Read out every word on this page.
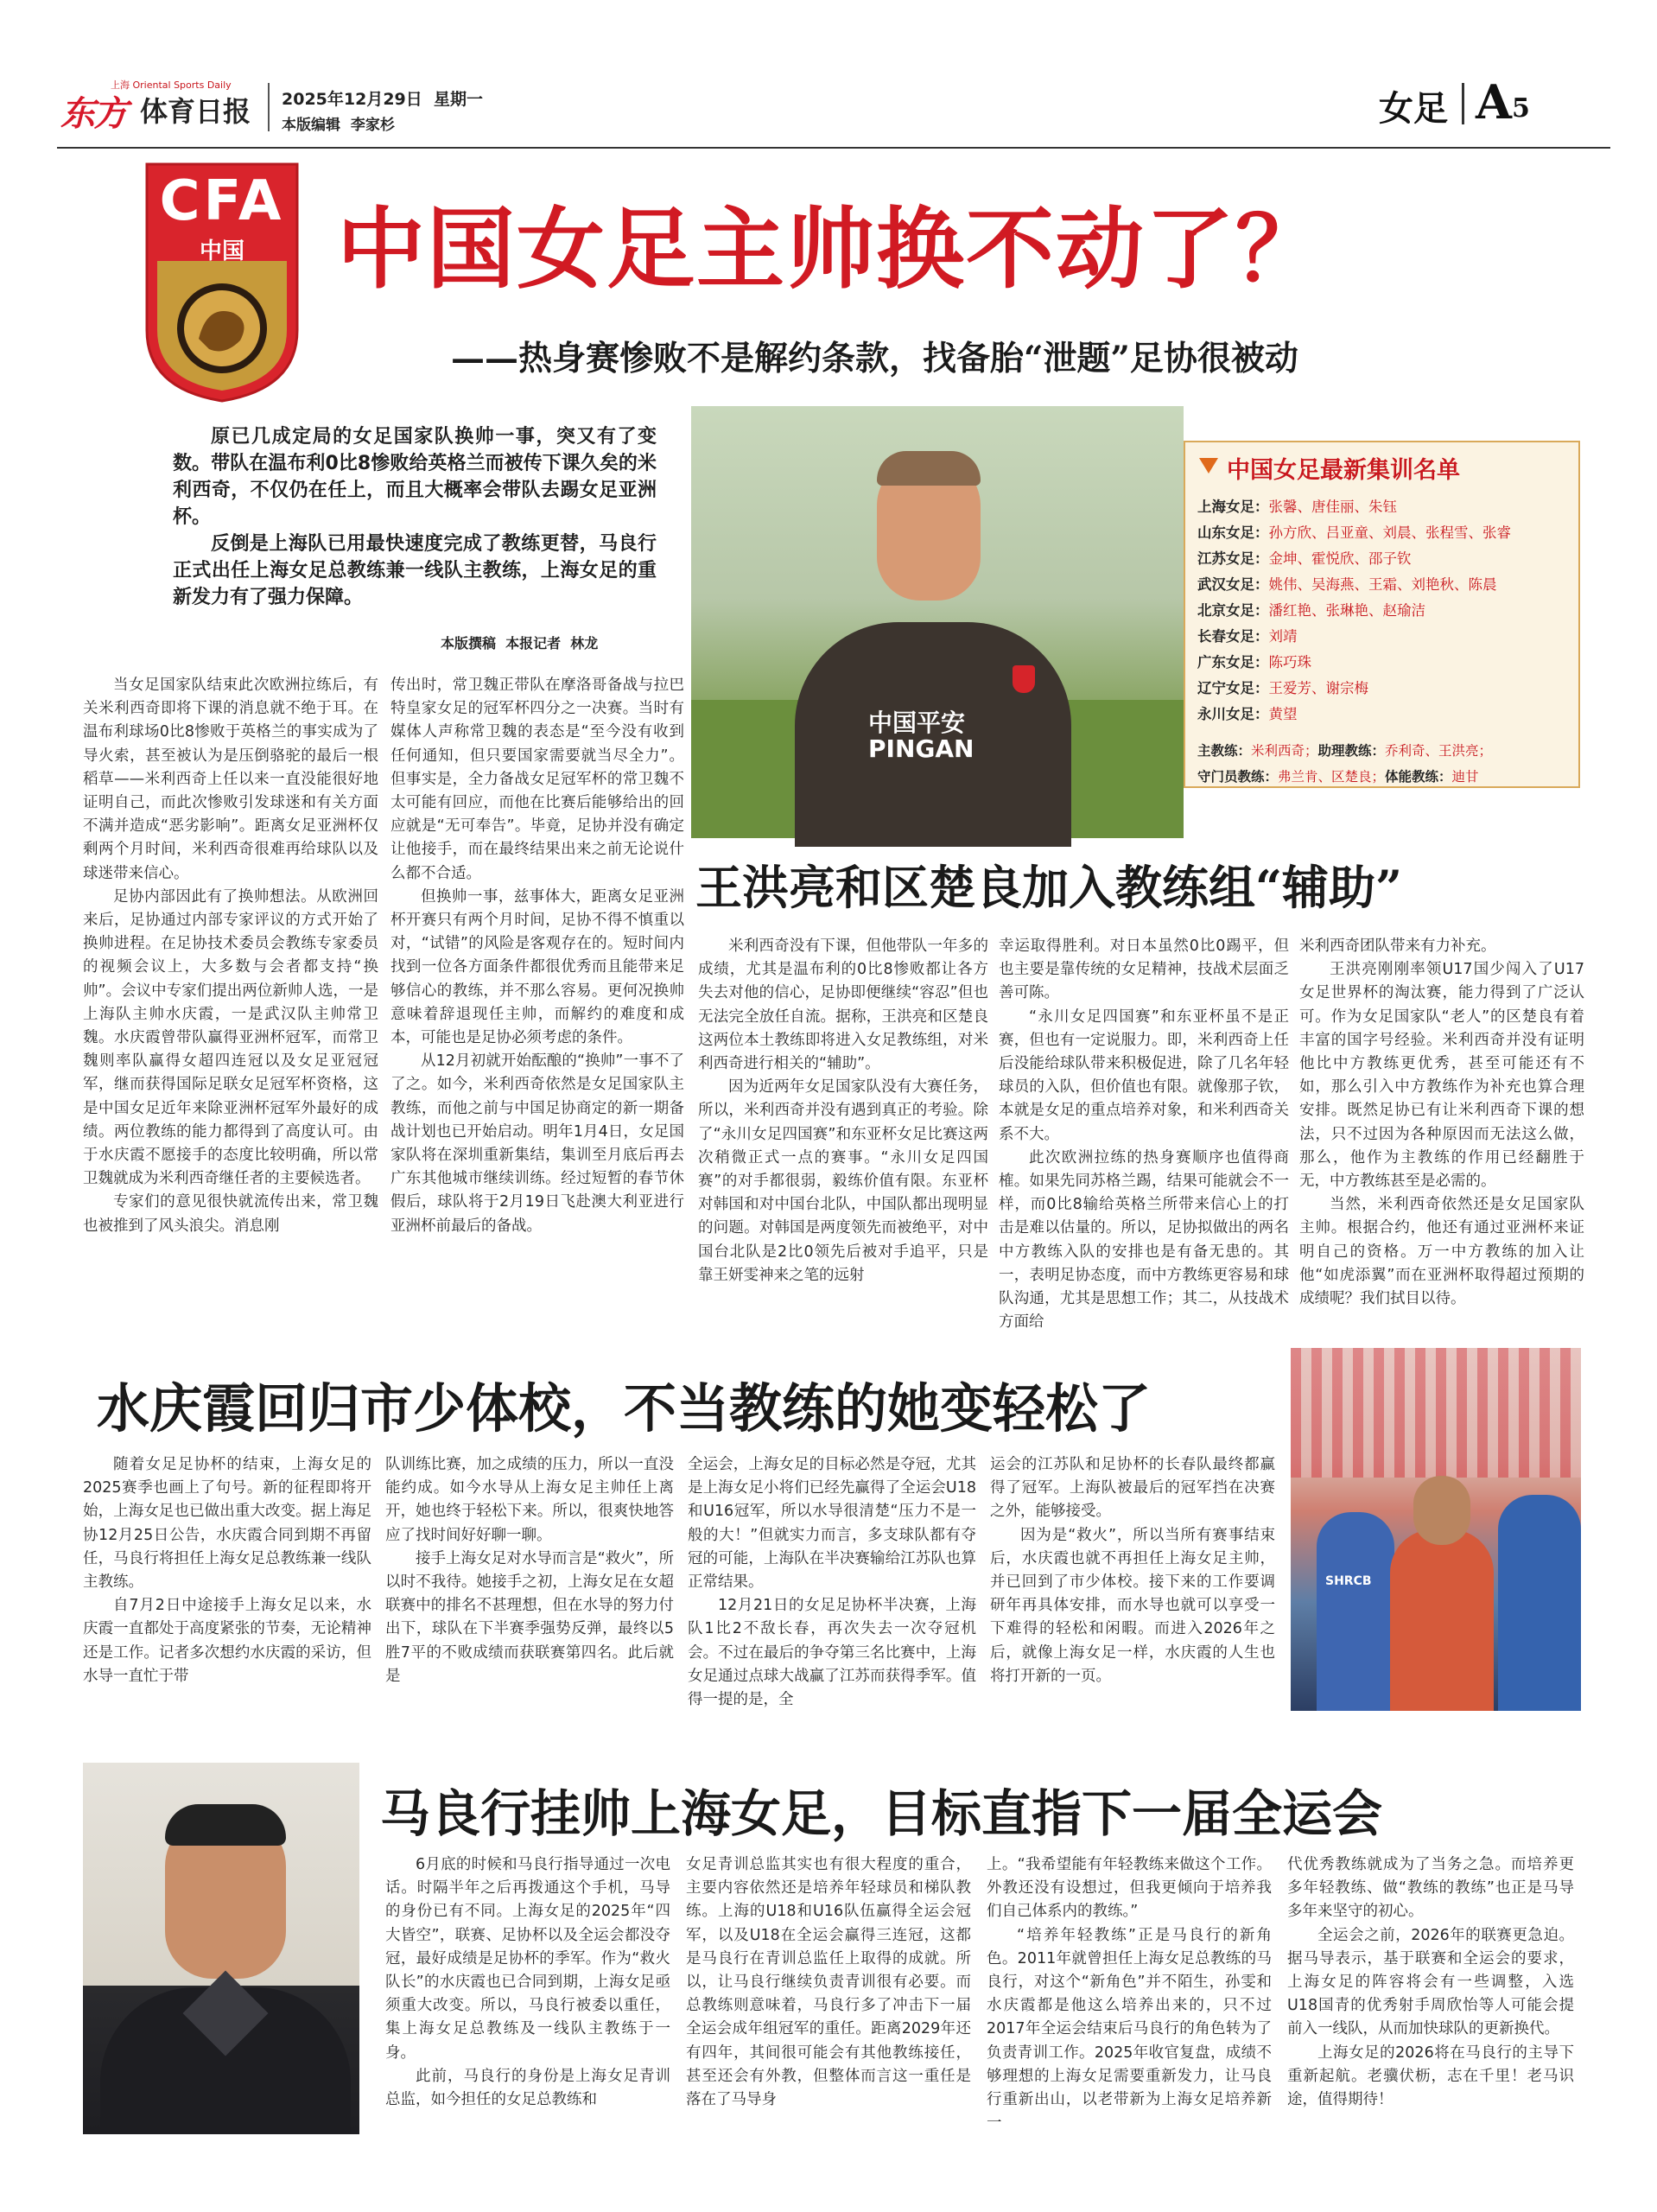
上海 Oriental Sports Daily
东方 体育日报 2025年12月29日  星期一
本版编辑  李家杉	女足 A 5
CFA
中国	中国女足主帅换不动了？
——热身赛惨败不是解约条款，找备胎“泄题”足协很被动

原已几成定局的女足国家队换帅一事，突又有了变数。带队在温布利0比8惨败给英格兰而被传下课久矣的米利西奇，不仅仍在任上，而且大概率会带队去踢女足亚洲杯。

反倒是上海队已用最快速度完成了教练更替，马良行正式出任上海女足总教练兼一线队主教练，上海女足的重新发力有了强力保障。

本版撰稿  本报记者  林龙
中国平安
PINGAN
中国女足最新集训名单
上海女足：张馨、唐佳丽、朱钰
山东女足：孙方欣、吕亚童、刘晨、张程雪、张睿
江苏女足：金坤、霍悦欣、邵子钦
武汉女足：姚伟、吴海燕、王霜、刘艳秋、陈晨
北京女足：潘红艳、张琳艳、赵瑜洁
长春女足：刘靖
广东女足：陈巧珠
辽宁女足：王爱芳、谢宗梅
永川女足：黄望
主教练：米利西奇；助理教练：乔利奇、王洪亮；
守门员教练：弗兰肯、区楚良；体能教练：迪甘

当女足国家队结束此次欧洲拉练后，有关米利西奇即将下课的消息就不绝于耳。在温布利球场0比8惨败于英格兰的事实成为了导火索，甚至被认为是压倒骆驼的最后一根稻草——米利西奇上任以来一直没能很好地证明自己，而此次惨败引发球迷和有关方面不满并造成“恶劣影响”。距离女足亚洲杯仅剩两个月时间，米利西奇很难再给球队以及球迷带来信心。

足协内部因此有了换帅想法。从欧洲回来后，足协通过内部专家评议的方式开始了换帅进程。在足协技术委员会教练专家委员的视频会议上，大多数与会者都支持“换帅”。会议中专家们提出两位新帅人选，一是上海队主帅水庆霞，一是武汉队主帅常卫魏。水庆霞曾带队赢得亚洲杯冠军，而常卫魏则率队赢得女超四连冠以及女足亚冠冠军，继而获得国际足联女足冠军杯资格，这是中国女足近年来除亚洲杯冠军外最好的成绩。两位教练的能力都得到了高度认可。由于水庆霞不愿接手的态度比较明确，所以常卫魏就成为米利西奇继任者的主要候选者。

专家们的意见很快就流传出来，常卫魏也被推到了风头浪尖。消息刚

传出时，常卫魏正带队在摩洛哥备战与拉巴特皇家女足的冠军杯四分之一决赛。当时有媒体人声称常卫魏的表态是“至今没有收到任何通知，但只要国家需要就当尽全力”。但事实是，全力备战女足冠军杯的常卫魏不太可能有回应，而他在比赛后能够给出的回应就是“无可奉告”。毕竟，足协并没有确定让他接手，而在最终结果出来之前无论说什么都不合适。

但换帅一事，兹事体大，距离女足亚洲杯开赛只有两个月时间，足协不得不慎重以对，“试错”的风险是客观存在的。短时间内找到一位各方面条件都很优秀而且能带来足够信心的教练，并不那么容易。更何况换帅意味着辞退现任主帅，而解约的难度和成本，可能也是足协必须考虑的条件。

从12月初就开始酝酿的“换帅”一事不了了之。如今，米利西奇依然是女足国家队主教练，而他之前与中国足协商定的新一期备战计划也已开始启动。明年1月4日，女足国家队将在深圳重新集结，集训至月底后再去广东其他城市继续训练。经过短暂的春节休假后，球队将于2月19日飞赴澳大利亚进行亚洲杯前最后的备战。

王洪亮和区楚良加入教练组“辅助”

米利西奇没有下课，但他带队一年多的成绩，尤其是温布利的0比8惨败都让各方失去对他的信心，足协即便继续“容忍”但也无法完全放任自流。据称，王洪亮和区楚良这两位本土教练即将进入女足教练组，对米利西奇进行相关的“辅助”。

因为近两年女足国家队没有大赛任务，所以，米利西奇并没有遇到真正的考验。除了“永川女足四国赛”和东亚杯女足比赛这两次稍微正式一点的赛事。“永川女足四国赛”的对手都很弱，毅练价值有限。东亚杯对韩国和对中国台北队，中国队都出现明显的问题。对韩国是两度领先而被绝平，对中国台北队是2比0领先后被对手追平，只是靠王妍雯神来之笔的远射

幸运取得胜利。对日本虽然0比0踢平，但也主要是靠传统的女足精神，技战术层面乏善可陈。

“永川女足四国赛”和东亚杯虽不是正赛，但也有一定说服力。即，米利西奇上任后没能给球队带来积极促进，除了几名年轻球员的入队，但价值也有限。就像那子钦，本就是女足的重点培养对象，和米利西奇关系不大。

此次欧洲拉练的热身赛顺序也值得商榷。如果先同苏格兰踢，结果可能就会不一样，而0比8输给英格兰所带来信心上的打击是难以估量的。所以，足协拟做出的两名中方教练入队的安排也是有备无患的。其一，表明足协态度，而中方教练更容易和球队沟通，尤其是思想工作；其二，从技战术方面给

米利西奇团队带来有力补充。

王洪亮刚刚率领U17国少闯入了U17女足世界杯的淘汰赛，能力得到了广泛认可。作为女足国家队“老人”的区楚良有着丰富的国字号经验。米利西奇并没有证明他比中方教练更优秀，甚至可能还有不如，那么引入中方教练作为补充也算合理安排。既然足协已有让米利西奇下课的想法，只不过因为各种原因而无法这么做，那么，他作为主教练的作用已经翻胜于无，中方教练甚至是必需的。

当然，米利西奇依然还是女足国家队主帅。根据合约，他还有通过亚洲杯来证明自己的资格。万一中方教练的加入让他“如虎添翼”而在亚洲杯取得超过预期的成绩呢？我们拭目以待。

水庆霞回归市少体校，不当教练的她变轻松了
SHRCB

随着女足足协杯的结束，上海女足的2025赛季也画上了句号。新的征程即将开始，上海女足也已做出重大改变。据上海足协12月25日公告，水庆霞合同到期不再留任，马良行将担任上海女足总教练兼一线队主教练。

自7月2日中途接手上海女足以来，水庆霞一直都处于高度紧张的节奏，无论精神还是工作。记者多次想约水庆霞的采访，但水导一直忙于带

队训练比赛，加之成绩的压力，所以一直没能约成。如今水导从上海女足主帅任上离开，她也终于轻松下来。所以，很爽快地答应了找时间好好聊一聊。

接手上海女足对水导而言是“救火”，所以时不我待。她接手之初，上海女足在女超联赛中的排名不甚理想，但在水导的努力付出下，球队在下半赛季强势反弹，最终以5胜7平的不败成绩而获联赛第四名。此后就是

全运会，上海女足的目标必然是夺冠，尤其是上海女足小将们已经先赢得了全运会U18和U16冠军，所以水导很清楚“压力不是一般的大！”但就实力而言，多支球队都有夺冠的可能，上海队在半决赛输给江苏队也算正常结果。

12月21日的女足足协杯半决赛，上海队1比2不敌长春，再次失去一次夺冠机会。不过在最后的争夺第三名比赛中，上海女足通过点球大战赢了江苏而获得季军。值得一提的是，全

运会的江苏队和足协杯的长春队最终都赢得了冠军。上海队被最后的冠军挡在决赛之外，能够接受。

因为是“救火”，所以当所有赛事结束后，水庆霞也就不再担任上海女足主帅，并已回到了市少体校。接下来的工作要调研年再具体安排，而水导也就可以享受一下难得的轻松和闲暇。而进入2026年之后，就像上海女足一样，水庆霞的人生也将打开新的一页。

马良行挂帅上海女足，目标直指下一届全运会

6月底的时候和马良行指导通过一次电话。时隔半年之后再拨通这个手机，马导的身份已有不同。上海女足的2025年“四大皆空”，联赛、足协杯以及全运会都没夺冠，最好成绩是足协杯的季军。作为“救火队长”的水庆霞也已合同到期，上海女足亟须重大改变。所以，马良行被委以重任，集上海女足总教练及一线队主教练于一身。

此前，马良行的身份是上海女足青训总监，如今担任的女足总教练和

女足青训总监其实也有很大程度的重合，主要内容依然还是培养年轻球员和梯队教练。上海的U18和U16队伍赢得全运会冠军，以及U18在全运会赢得三连冠，这都是马良行在青训总监任上取得的成就。所以，让马良行继续负责青训很有必要。而总教练则意味着，马良行多了冲击下一届全运会成年组冠军的重任。距离2029年还有四年，其间很可能会有其他教练接任，甚至还会有外教，但整体而言这一重任是落在了马导身

上。“我希望能有年轻教练来做这个工作。外教还没有设想过，但我更倾向于培养我们自己体系内的教练。”

“培养年轻教练”正是马良行的新角色。2011年就曾担任上海女足总教练的马良行，对这个“新角色”并不陌生，孙雯和水庆霞都是他这么培养出来的，只不过2017年全运会结束后马良行的角色转为了负责青训工作。2025年收官复盘，成绩不够理想的上海女足需要重新发力，让马良行重新出山，以老带新为上海女足培养新一

代优秀教练就成为了当务之急。而培养更多年轻教练、做“教练的教练”也正是马导多年来坚守的初心。

全运会之前，2026年的联赛更急迫。据马导表示，基于联赛和全运会的要求，上海女足的阵容将会有一些调整，入选U18国青的优秀射手周欣怡等人可能会提前入一线队，从而加快球队的更新换代。

上海女足的2026将在马良行的主导下重新起航。老骥伏枥，志在千里！老马识途，值得期待！
